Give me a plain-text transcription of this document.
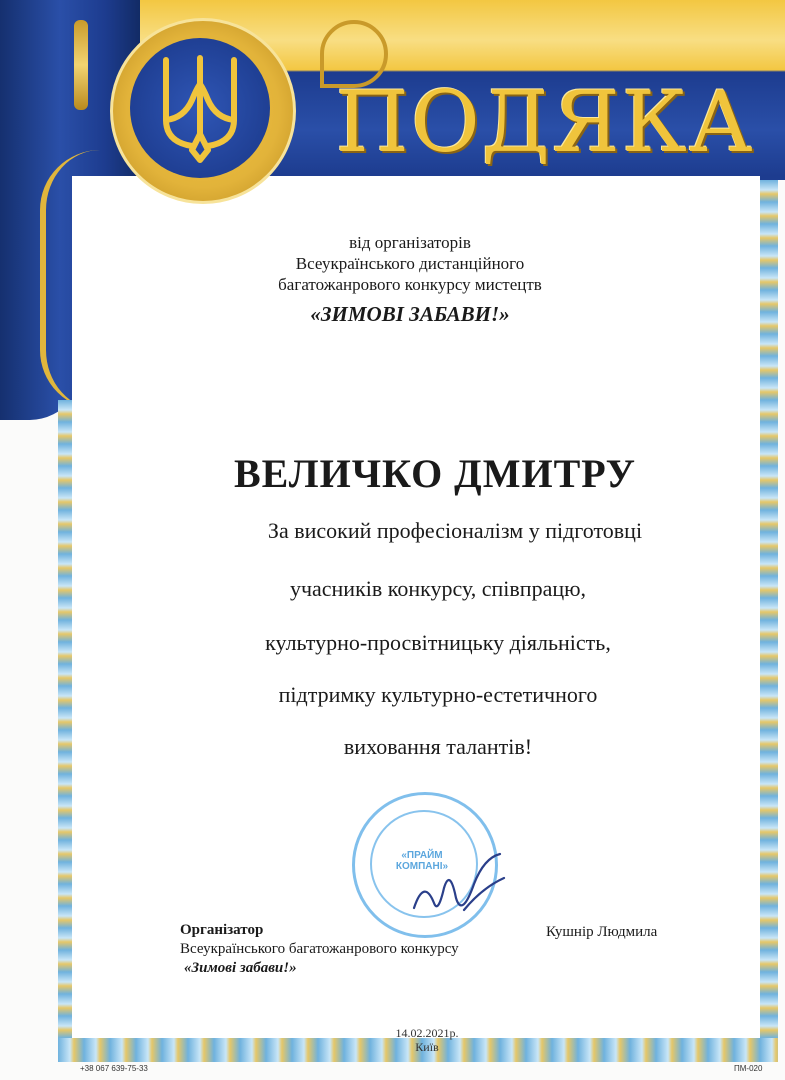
ПОДЯКА
від організаторів
Всеукраїнського дистанційного
багатожанрового конкурсу мистецтв
«ЗИМОВІ ЗАБАВИ!»
ВЕЛИЧКО ДМИТРУ
За високий професіоналізм у підготовці
учасників конкурсу, співпрацю,
культурно-просвітницьку діяльність,
підтримку культурно-естетичного
виховання талантів!
«ПРАЙМ КОМПАНІ»
Організатор
Всеукраїнського багатожанрового конкурсу
«Зимові забави!»
Кушнір Людмила
14.02.2021р.
Київ
+38 067 639-75-33	ПМ-020
